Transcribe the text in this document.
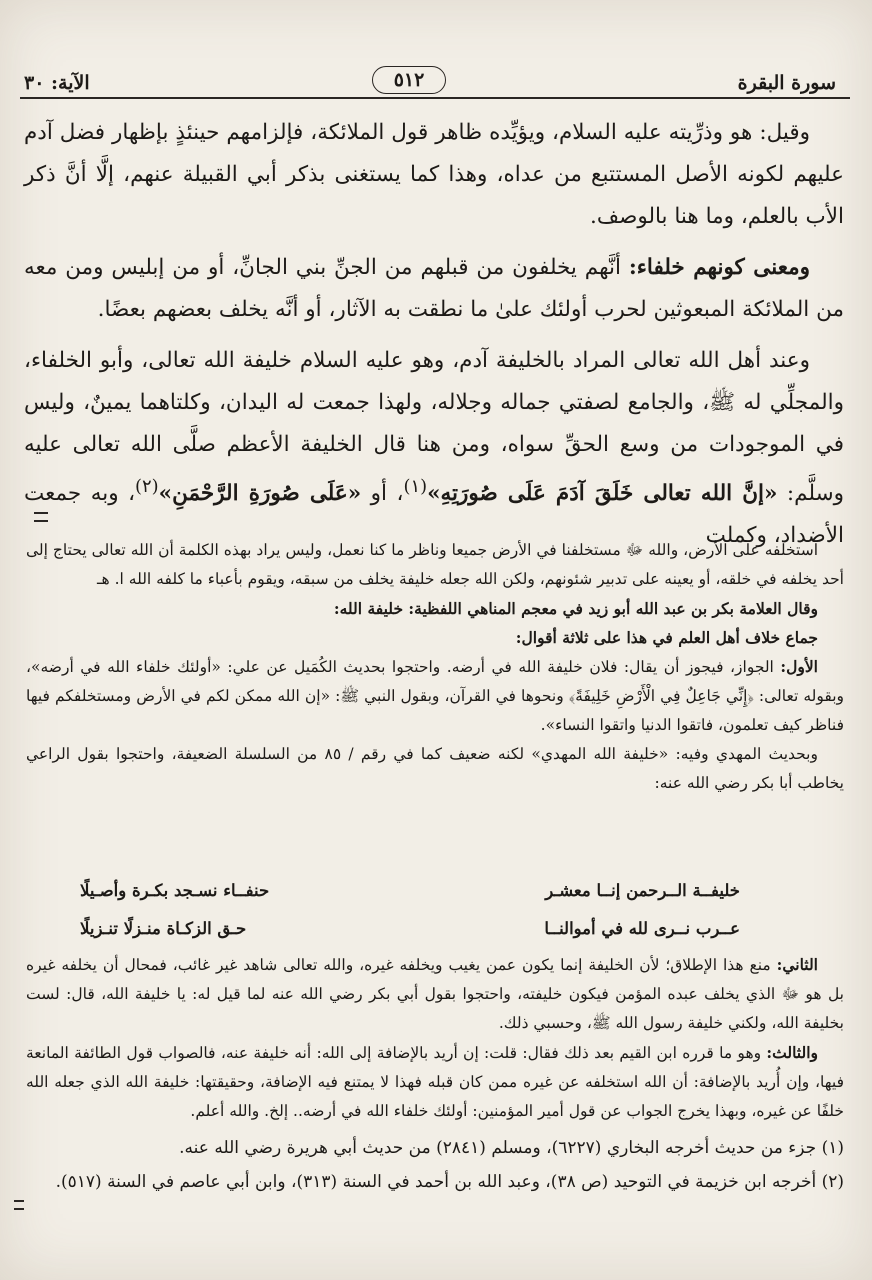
سورة البقرة
٥١٢
الآية: ٣٠

وقيل: هو وذرِّيته عليه السلام، ويؤيِّده ظاهر قول الملائكة، فإلزامهم حينئذٍ بإظهار فضل آدم عليهم لكونه الأصل المستتبع من عداه، وهذا كما يستغنى بذكر أبي القبيلة عنهم، إلَّا أنَّ ذكر الأب بالعلم، وما هنا بالوصف.

ومعنى كونهم خلفاء: أنَّهم يخلفون من قبلهم من الجنِّ بني الجانِّ، أو من إبليس ومن معه من الملائكة المبعوثين لحرب أولئك علىٰ ما نطقت به الآثار، أو أنَّه يخلف بعضهم بعضًا.

وعند أهل الله تعالى المراد بالخليفة آدم، وهو عليه السلام خليفة الله تعالى، وأبو الخلفاء، والمجلِّي له ﷺ، والجامع لصفتي جماله وجلاله، ولهذا جمعت له اليدان، وكلتاهما يمينٌ، وليس في الموجودات من وسع الحقِّ سواه، ومن هنا قال الخليفة الأعظم صلَّى الله تعالى عليه وسلَّم: «إنَّ الله تعالى خَلَقَ آدَمَ عَلَى صُورَتِهِ»$^{(١)}$، أو «عَلَى صُورَةِ الرَّحْمَنِ»$^{(٢)}$، وبه جمعت الأضداد، وكملت

استخلفه على الأرض، والله ﷻ مستخلفنا في الأرض جميعا وناظر ما كنا نعمل، وليس يراد بهذه الكلمة أن الله تعالى يحتاج إلى أحد يخلفه في خلقه، أو يعينه على تدبير شئونهم، ولكن الله جعله خليفة يخلف من سبقه، ويقوم بأعباء ما كلفه الله ا. هـ

وقال العلامة بكر بن عبد الله أبو زيد في معجم المناهي اللفظية: خليفة الله:

جماع خلاف أهل العلم في هذا على ثلاثة أقوال:

الأول: الجواز، فيجوز أن يقال: فلان خليفة الله في أرضه. واحتجوا بحديث الكُمَيل عن علي: «أولئك خلفاء الله في أرضه»، وبقوله تعالى: ﴿إِنِّي جَاعِلٌ فِي الْأَرْضِ خَلِيفَةً﴾ ونحوها في القرآن، وبقول النبي ﷺ: «إن الله ممكن لكم في الأرض ومستخلفكم فيها فناظر كيف تعلمون، فاتقوا الدنيا واتقوا النساء».

وبحديث المهدي وفيه: «خليفة الله المهدي» لكنه ضعيف كما في رقم / ٨٥ من السلسلة الضعيفة، واحتجوا بقول الراعي يخاطب أبا بكر رضي الله عنه:

خليفــة الــرحمن إنــا معشـر
حنفــاء نسـجد بكـرة وأصـيلًا
عــرب نــرى لله في أموالنــا
حـق الزكـاة منـزلًا تنـزيلًا

الثاني: منع هذا الإطلاق؛ لأن الخليفة إنما يكون عمن يغيب ويخلفه غيره، والله تعالى شاهد غير غائب، فمحال أن يخلفه غيره بل هو ﷻ الذي يخلف عبده المؤمن فيكون خليفته، واحتجوا بقول أبي بكر رضي الله عنه لما قيل له: يا خليفة الله، قال: لست بخليفة الله، ولكني خليفة رسول الله ﷺ، وحسبي ذلك.

والثالث: وهو ما قرره ابن القيم بعد ذلك فقال: قلت: إن أريد بالإضافة إلى الله: أنه خليفة عنه، فالصواب قول الطائفة المانعة فيها، وإن أُريد بالإضافة: أن الله استخلفه عن غيره ممن كان قبله فهذا لا يمتنع فيه الإضافة، وحقيقتها: خليفة الله الذي جعله الله خلفًا عن غيره، وبهذا يخرج الجواب عن قول أمير المؤمنين: أولئك خلفاء الله في أرضه.. إلخ. والله أعلم.

(١) جزء من حديث أخرجه البخاري (٦٢٢٧)، ومسلم (٢٨٤١) من حديث أبي هريرة رضي الله عنه.

(٢) أخرجه ابن خزيمة في التوحيد (ص ٣٨)، وعبد الله بن أحمد في السنة (٣١٣)، وابن أبي عاصم في السنة (٥١٧).
